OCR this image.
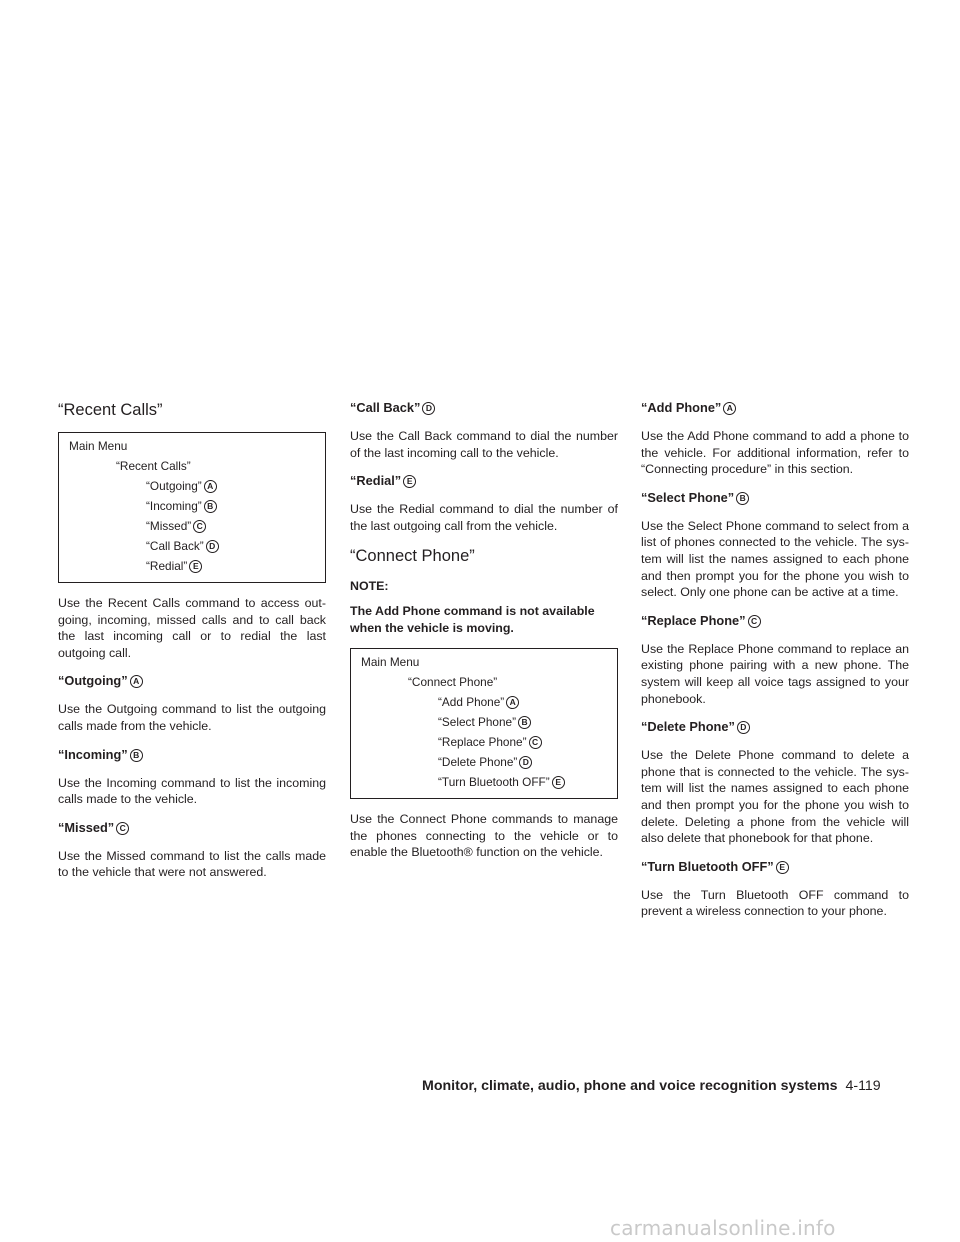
“Recent Calls”
Main Menu
“Recent Calls”
“Outgoing” A
“Incoming” B
“Missed” C
“Call Back” D
“Redial” E

Use the Recent Calls command to access out-going, incoming, missed calls and to call back the last incoming call or to redial the last outgoing call.

“Outgoing” A

Use the Outgoing command to list the outgoing calls made from the vehicle.

“Incoming” B

Use the Incoming command to list the incoming calls made to the vehicle.

“Missed” C

Use the Missed command to list the calls made to the vehicle that were not answered.

“Call Back” D

Use the Call Back command to dial the number of the last incoming call to the vehicle.

“Redial” E

Use the Redial command to dial the number of the last outgoing call from the vehicle.

“Connect Phone”

NOTE:

The Add Phone command is not available when the vehicle is moving.

Main Menu
“Connect Phone”
“Add Phone” A
“Select Phone” B
“Replace Phone” C
“Delete Phone” D
“Turn Bluetooth OFF” E

Use the Connect Phone commands to manage the phones connecting to the vehicle or to enable the Bluetooth® function on the vehicle.

“Add Phone” A

Use the Add Phone command to add a phone to the vehicle. For additional information, refer to “Connecting procedure” in this section.

“Select Phone” B

Use the Select Phone command to select from a list of phones connected to the vehicle. The sys-tem will list the names assigned to each phone and then prompt you for the phone you wish to select. Only one phone can be active at a time.

“Replace Phone” C

Use the Replace Phone command to replace an existing phone pairing with a new phone. The system will keep all voice tags assigned to your phonebook.

“Delete Phone” D

Use the Delete Phone command to delete a phone that is connected to the vehicle. The sys-tem will list the names assigned to each phone and then prompt you for the phone you wish to delete. Deleting a phone from the vehicle will also delete that phonebook for that phone.

“Turn Bluetooth OFF” E

Use the Turn Bluetooth OFF command to prevent a wireless connection to your phone.

Monitor, climate, audio, phone and voice recognition systems 4-119
carmanualsonline.info
